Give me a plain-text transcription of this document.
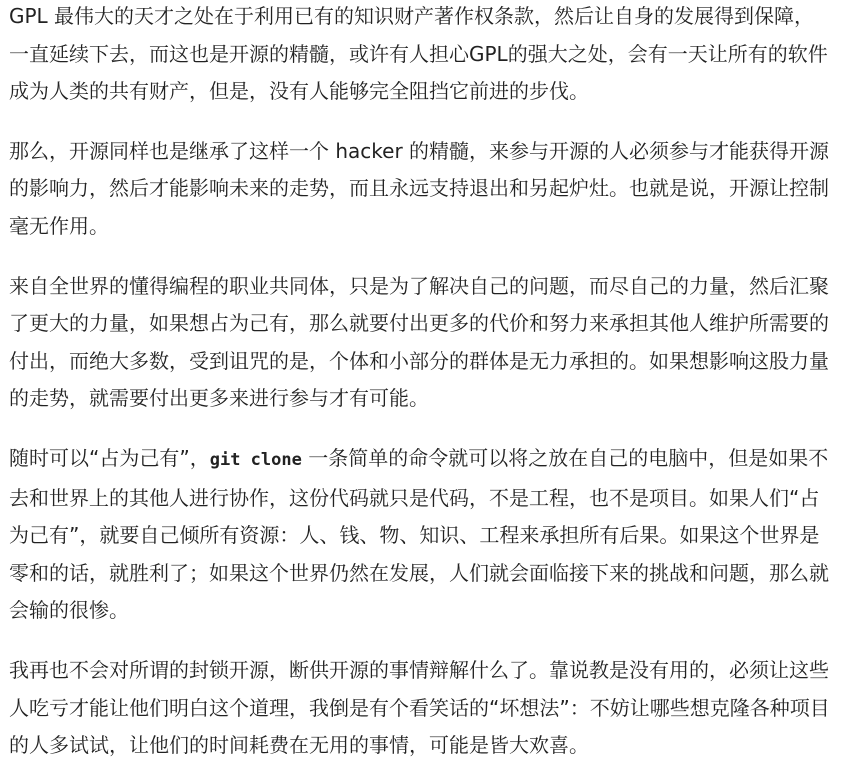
GPL 最伟大的天才之处在于利用已有的知识财产著作权条款，然后让自身的发展得到保障，一直延续下去，而这也是开源的精髓，或许有人担心GPL的强大之处，会有一天让所有的软件成为人类的共有财产，但是，没有人能够完全阻挡它前进的步伐。

那么，开源同样也是继承了这样一个 hacker 的精髓，来参与开源的人必须参与才能获得开源的影响力，然后才能影响未来的走势，而且永远支持退出和另起炉灶。也就是说，开源让控制毫无作用。

来自全世界的懂得编程的职业共同体，只是为了解决自己的问题，而尽自己的力量，然后汇聚了更大的力量，如果想占为己有，那么就要付出更多的代价和努力来承担其他人维护所需要的付出，而绝大多数，受到诅咒的是，个体和小部分的群体是无力承担的。如果想影响这股力量的走势，就需要付出更多来进行参与才有可能。

随时可以“占为己有”，git clone 一条简单的命令就可以将之放在自己的电脑中，但是如果不去和世界上的其他人进行协作，这份代码就只是代码，不是工程，也不是项目。如果人们“占为己有”，就要自己倾所有资源：人、钱、物、知识、工程来承担所有后果。如果这个世界是零和的话，就胜利了；如果这个世界仍然在发展，人们就会面临接下来的挑战和问题，那么就会输的很惨。

我再也不会对所谓的封锁开源，断供开源的事情辩解什么了。靠说教是没有用的，必须让这些人吃亏才能让他们明白这个道理，我倒是有个看笑话的“坏想法”：不妨让哪些想克隆各种项目的人多试试，让他们的时间耗费在无用的事情，可能是皆大欢喜。
